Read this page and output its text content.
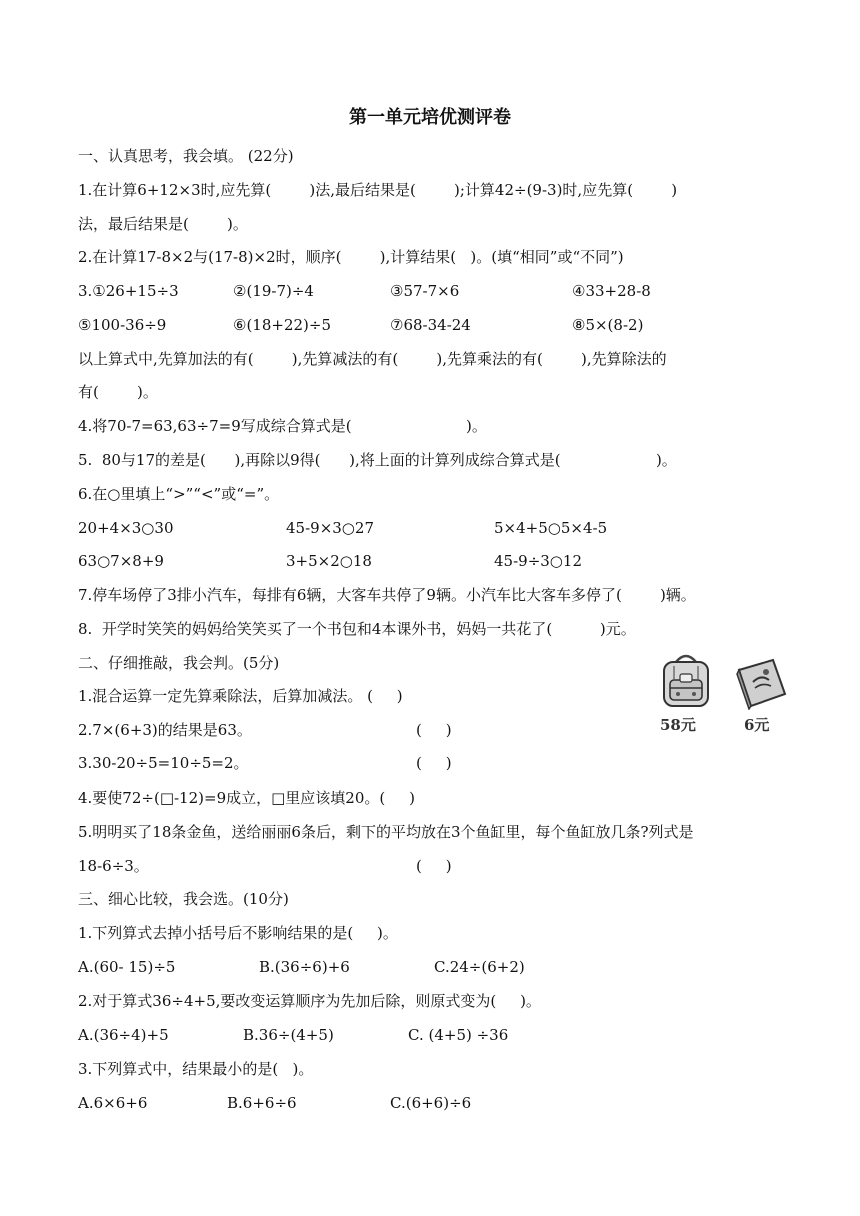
第一单元培优测评卷
一、认真思考，我会填。 (22分)
1.在计算6+12×3时,应先算(        )法,最后结果是(        );计算42÷(9-3)时,应先算(        )
法，最后结果是(        )。
2.在计算17-8×2与(17-8)×2时，顺序(        ),计算结果(   )。(填“相同”或“不同”)
3.①26+15÷3	②(19-7)÷4	③57-7×6	④33+28-8
⑤100-36÷9	⑥(18+22)÷5	⑦68-34-24	⑧5×(8-2)
以上算式中,先算加法的有(        ),先算减法的有(        ),先算乘法的有(        ),先算除法的
有(        )。
4.将70-7=63,63÷7=9写成综合算式是(                        )。
5.  80与17的差是(      ),再除以9得(      ),将上面的计算列成综合算式是(                    )。
6.在○里填上“>”“<”或“=”。
20+4×3○30	45-9×3○27	5×4+5○5×4-5
63○7×8+9	3+5×2○18	45-9÷3○12
7.停车场停了3排小汽车，每排有6辆，大客车共停了9辆。小汽车比大客车多停了(        )辆。
8.  开学时笑笑的妈妈给笑笑买了一个书包和4本课外书，妈妈一共花了(          )元。
二、仔细推敲，我会判。(5分)
1.混合运算一定先算乘除法，后算加减法。 (     )
2.7×(6+3)的结果是63。	(     )
3.30-20÷5=10÷5=2。	(     )
4.要使72÷(□-12)=9成立，□里应该填20。(     )
5.明明买了18条金鱼，送给丽丽6条后，剩下的平均放在3个鱼缸里，每个鱼缸放几条?列式是
18-6÷3。	(     )
三、细心比较，我会选。(10分)
1.下列算式去掉小括号后不影响结果的是(     )。
A.(60- 15)÷5	B.(36÷6)+6	C.24÷(6+2)
2.对于算式36÷4+5,要改变运算顺序为先加后除，则原式变为(     )。
A.(36÷4)+5	B.36÷(4+5)	C. (4+5) ÷36
3.下列算式中，结果最小的是(   )。
A.6×6+6	B.6+6÷6	C.(6+6)÷6
58元	6元
